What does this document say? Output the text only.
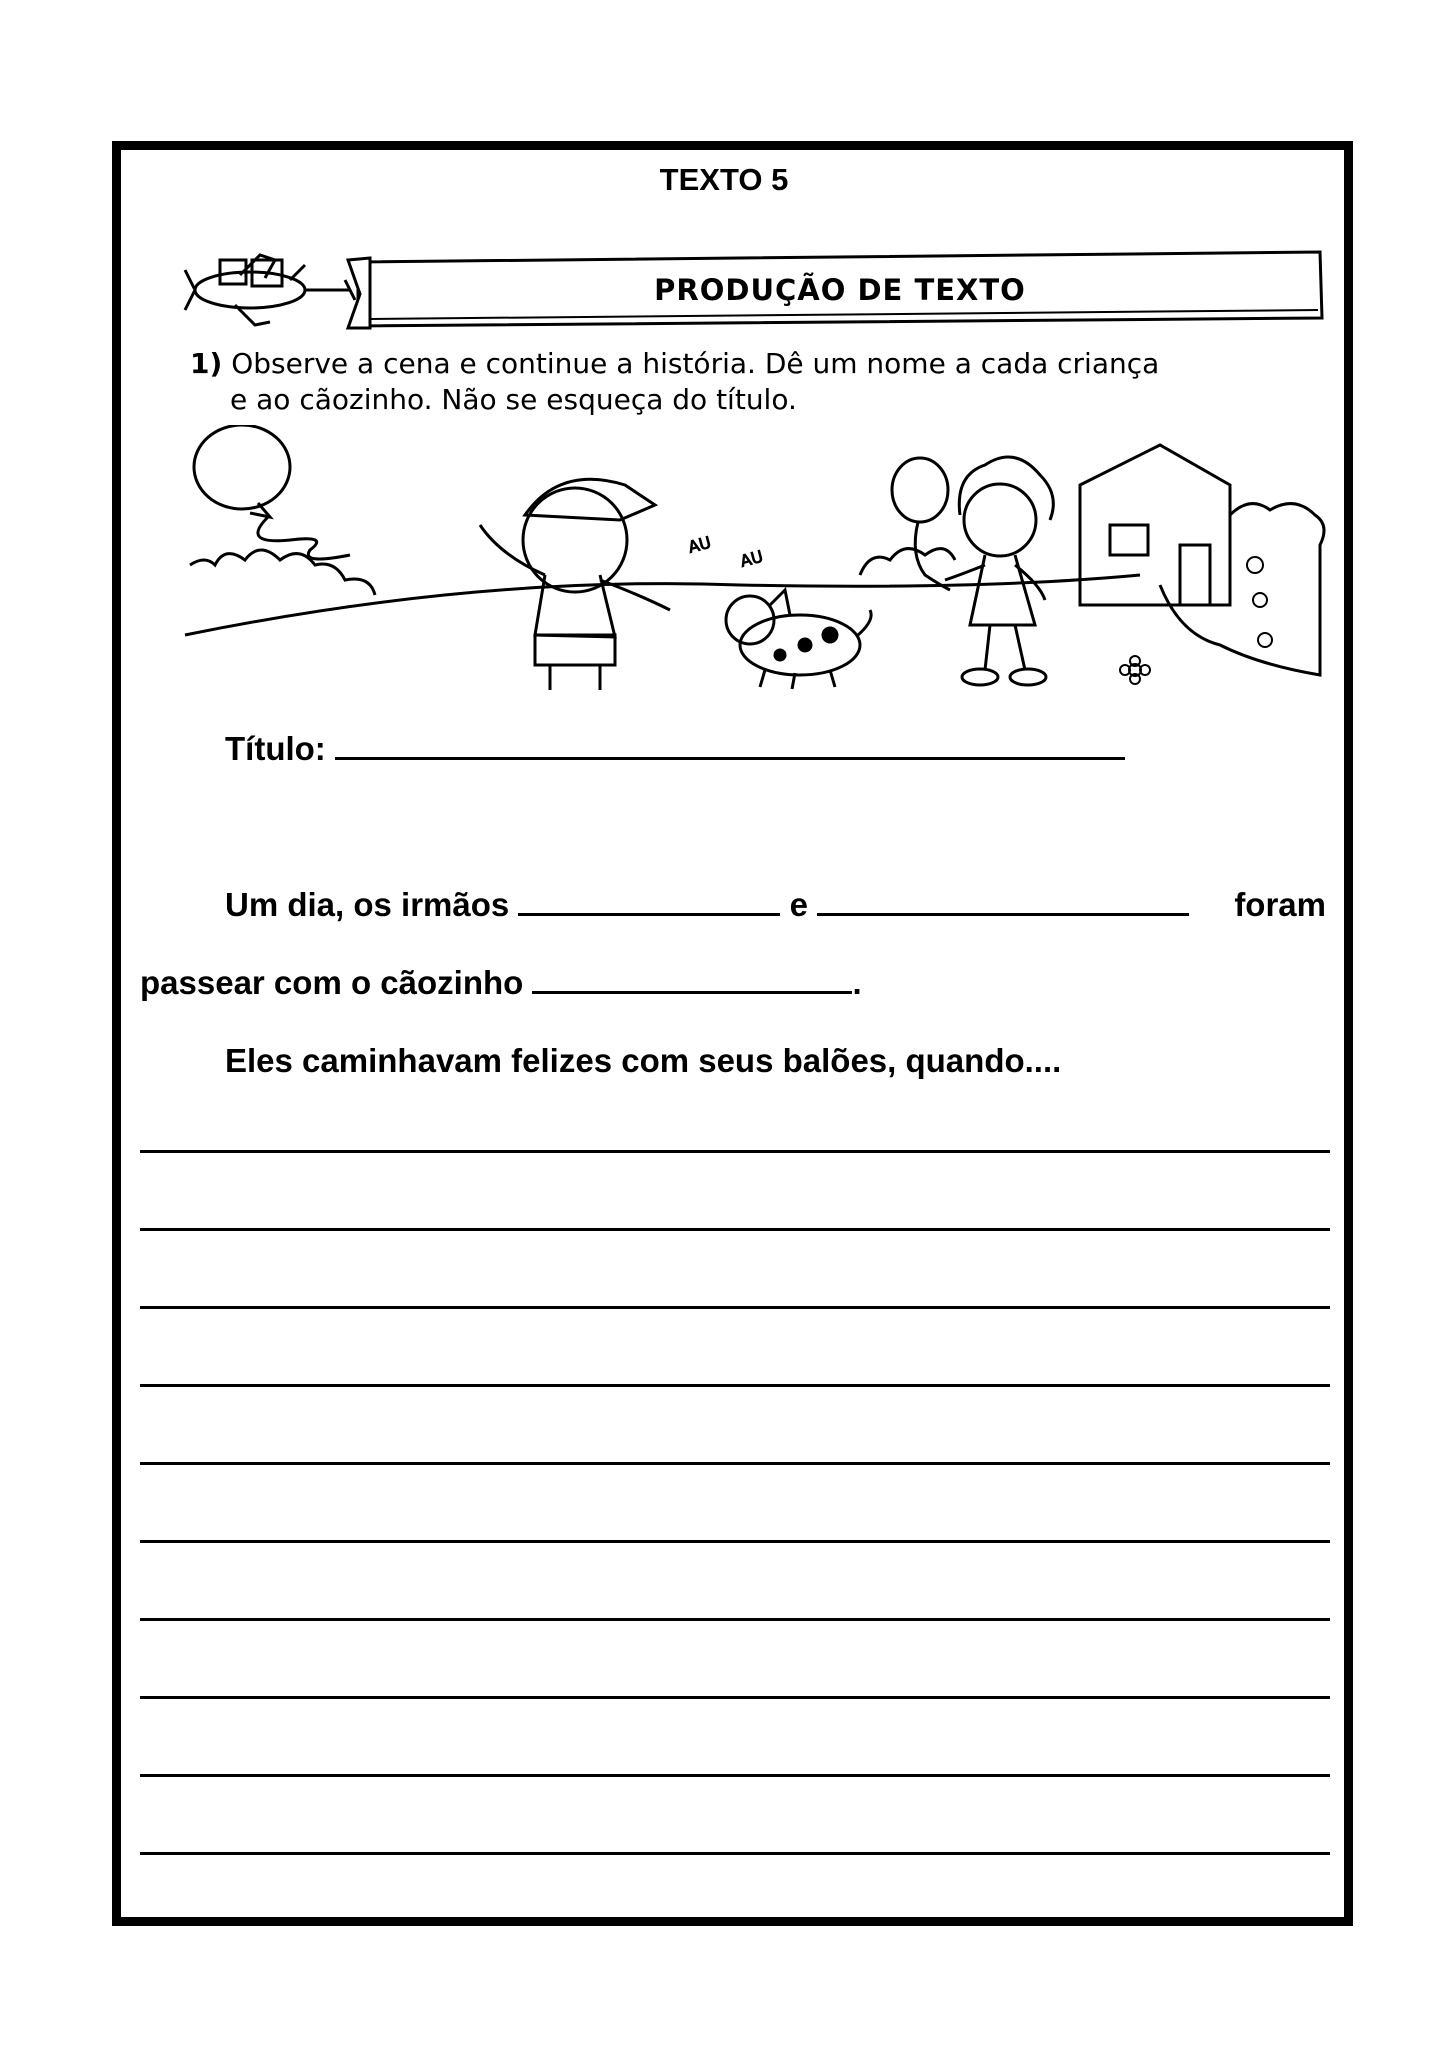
TEXTO 5
PRODUÇÃO DE TEXTO
1) Observe a cena e continue a história. Dê um nome a cada criança
e ao cãozinho. Não se esqueça do título.
AU
AU
Título:
Um dia, os irmãos	e	foram
passear com o cãozinho	.
Eles caminhavam felizes com seus balões, quando....
